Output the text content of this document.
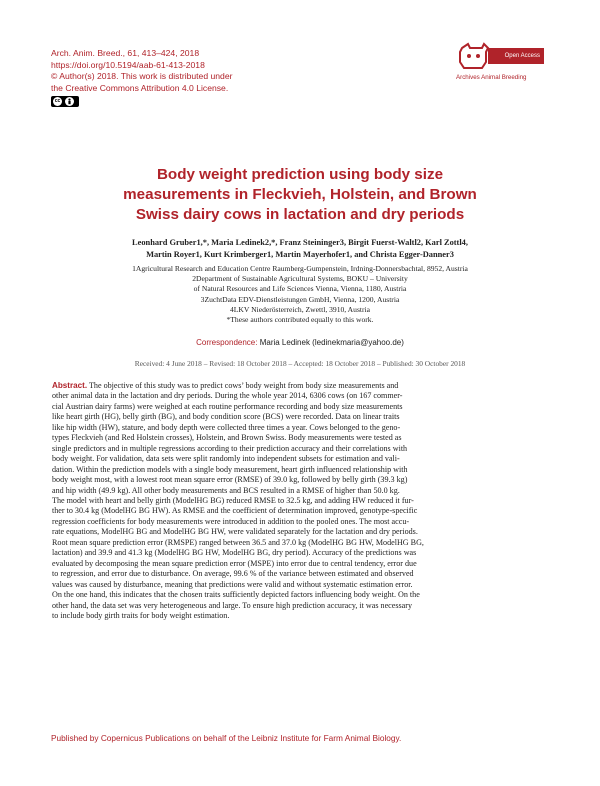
Arch. Anim. Breed., 61, 413–424, 2018
https://doi.org/10.5194/aab-61-413-2018
© Author(s) 2018. This work is distributed under
the Creative Commons Attribution 4.0 License.
cc
Open Access
Archives Animal Breeding
Body weight prediction using body size
measurements in Fleckvieh, Holstein, and Brown
Swiss dairy cows in lactation and dry periods
Leonhard Gruber1,*, Maria Ledinek2,*, Franz Steininger3, Birgit Fuerst-Waltl2, Karl Zottl4,
Martin Royer1, Kurt Krimberger1, Martin Mayerhofer1, and Christa Egger-Danner3
1Agricultural Research and Education Centre Raumberg-Gumpenstein, Irdning-Donnersbachtal, 8952, Austria
2Department of Sustainable Agricultural Systems, BOKU – University
of Natural Resources and Life Sciences Vienna, Vienna, 1180, Austria
3ZuchtData EDV-Dienstleistungen GmbH, Vienna, 1200, Austria
4LKV Niederösterreich, Zwettl, 3910, Austria
*These authors contributed equally to this work.
Correspondence: Maria Ledinek (ledinekmaria@yahoo.de)
Received: 4 June 2018 – Revised: 18 October 2018 – Accepted: 18 October 2018 – Published: 30 October 2018
Abstract. The objective of this study was to predict cows’ body weight from body size measurements and
other animal data in the lactation and dry periods. During the whole year 2014, 6306 cows (on 167 commer-
cial Austrian dairy farms) were weighed at each routine performance recording and body size measurements
like heart girth (HG), belly girth (BG), and body condition score (BCS) were recorded. Data on linear traits
like hip width (HW), stature, and body depth were collected three times a year. Cows belonged to the geno-
types Fleckvieh (and Red Holstein crosses), Holstein, and Brown Swiss. Body measurements were tested as
single predictors and in multiple regressions according to their prediction accuracy and their correlations with
body weight. For validation, data sets were split randomly into independent subsets for estimation and vali-
dation. Within the prediction models with a single body measurement, heart girth influenced relationship with
body weight most, with a lowest root mean square error (RMSE) of 39.0 kg, followed by belly girth (39.3 kg)
and hip width (49.9 kg). All other body measurements and BCS resulted in a RMSE of higher than 50.0 kg.
The model with heart and belly girth (ModelHG BG) reduced RMSE to 32.5 kg, and adding HW reduced it fur-
ther to 30.4 kg (ModelHG BG HW). As RMSE and the coefficient of determination improved, genotype-specific
regression coefficients for body measurements were introduced in addition to the pooled ones. The most accu-
rate equations, ModelHG BG and ModelHG BG HW, were validated separately for the lactation and dry periods.
Root mean square prediction error (RMSPE) ranged between 36.5 and 37.0 kg (ModelHG BG HW, ModelHG BG,
lactation) and 39.9 and 41.3 kg (ModelHG BG HW, ModelHG BG, dry period). Accuracy of the predictions was
evaluated by decomposing the mean square prediction error (MSPE) into error due to central tendency, error due
to regression, and error due to disturbance. On average, 99.6 % of the variance between estimated and observed
values was caused by disturbance, meaning that predictions were valid and without systematic estimation error.
On the one hand, this indicates that the chosen traits sufficiently depicted factors influencing body weight. On the
other hand, the data set was very heterogeneous and large. To ensure high prediction accuracy, it was necessary
to include body girth traits for body weight estimation.
Published by Copernicus Publications on behalf of the Leibniz Institute for Farm Animal Biology.
